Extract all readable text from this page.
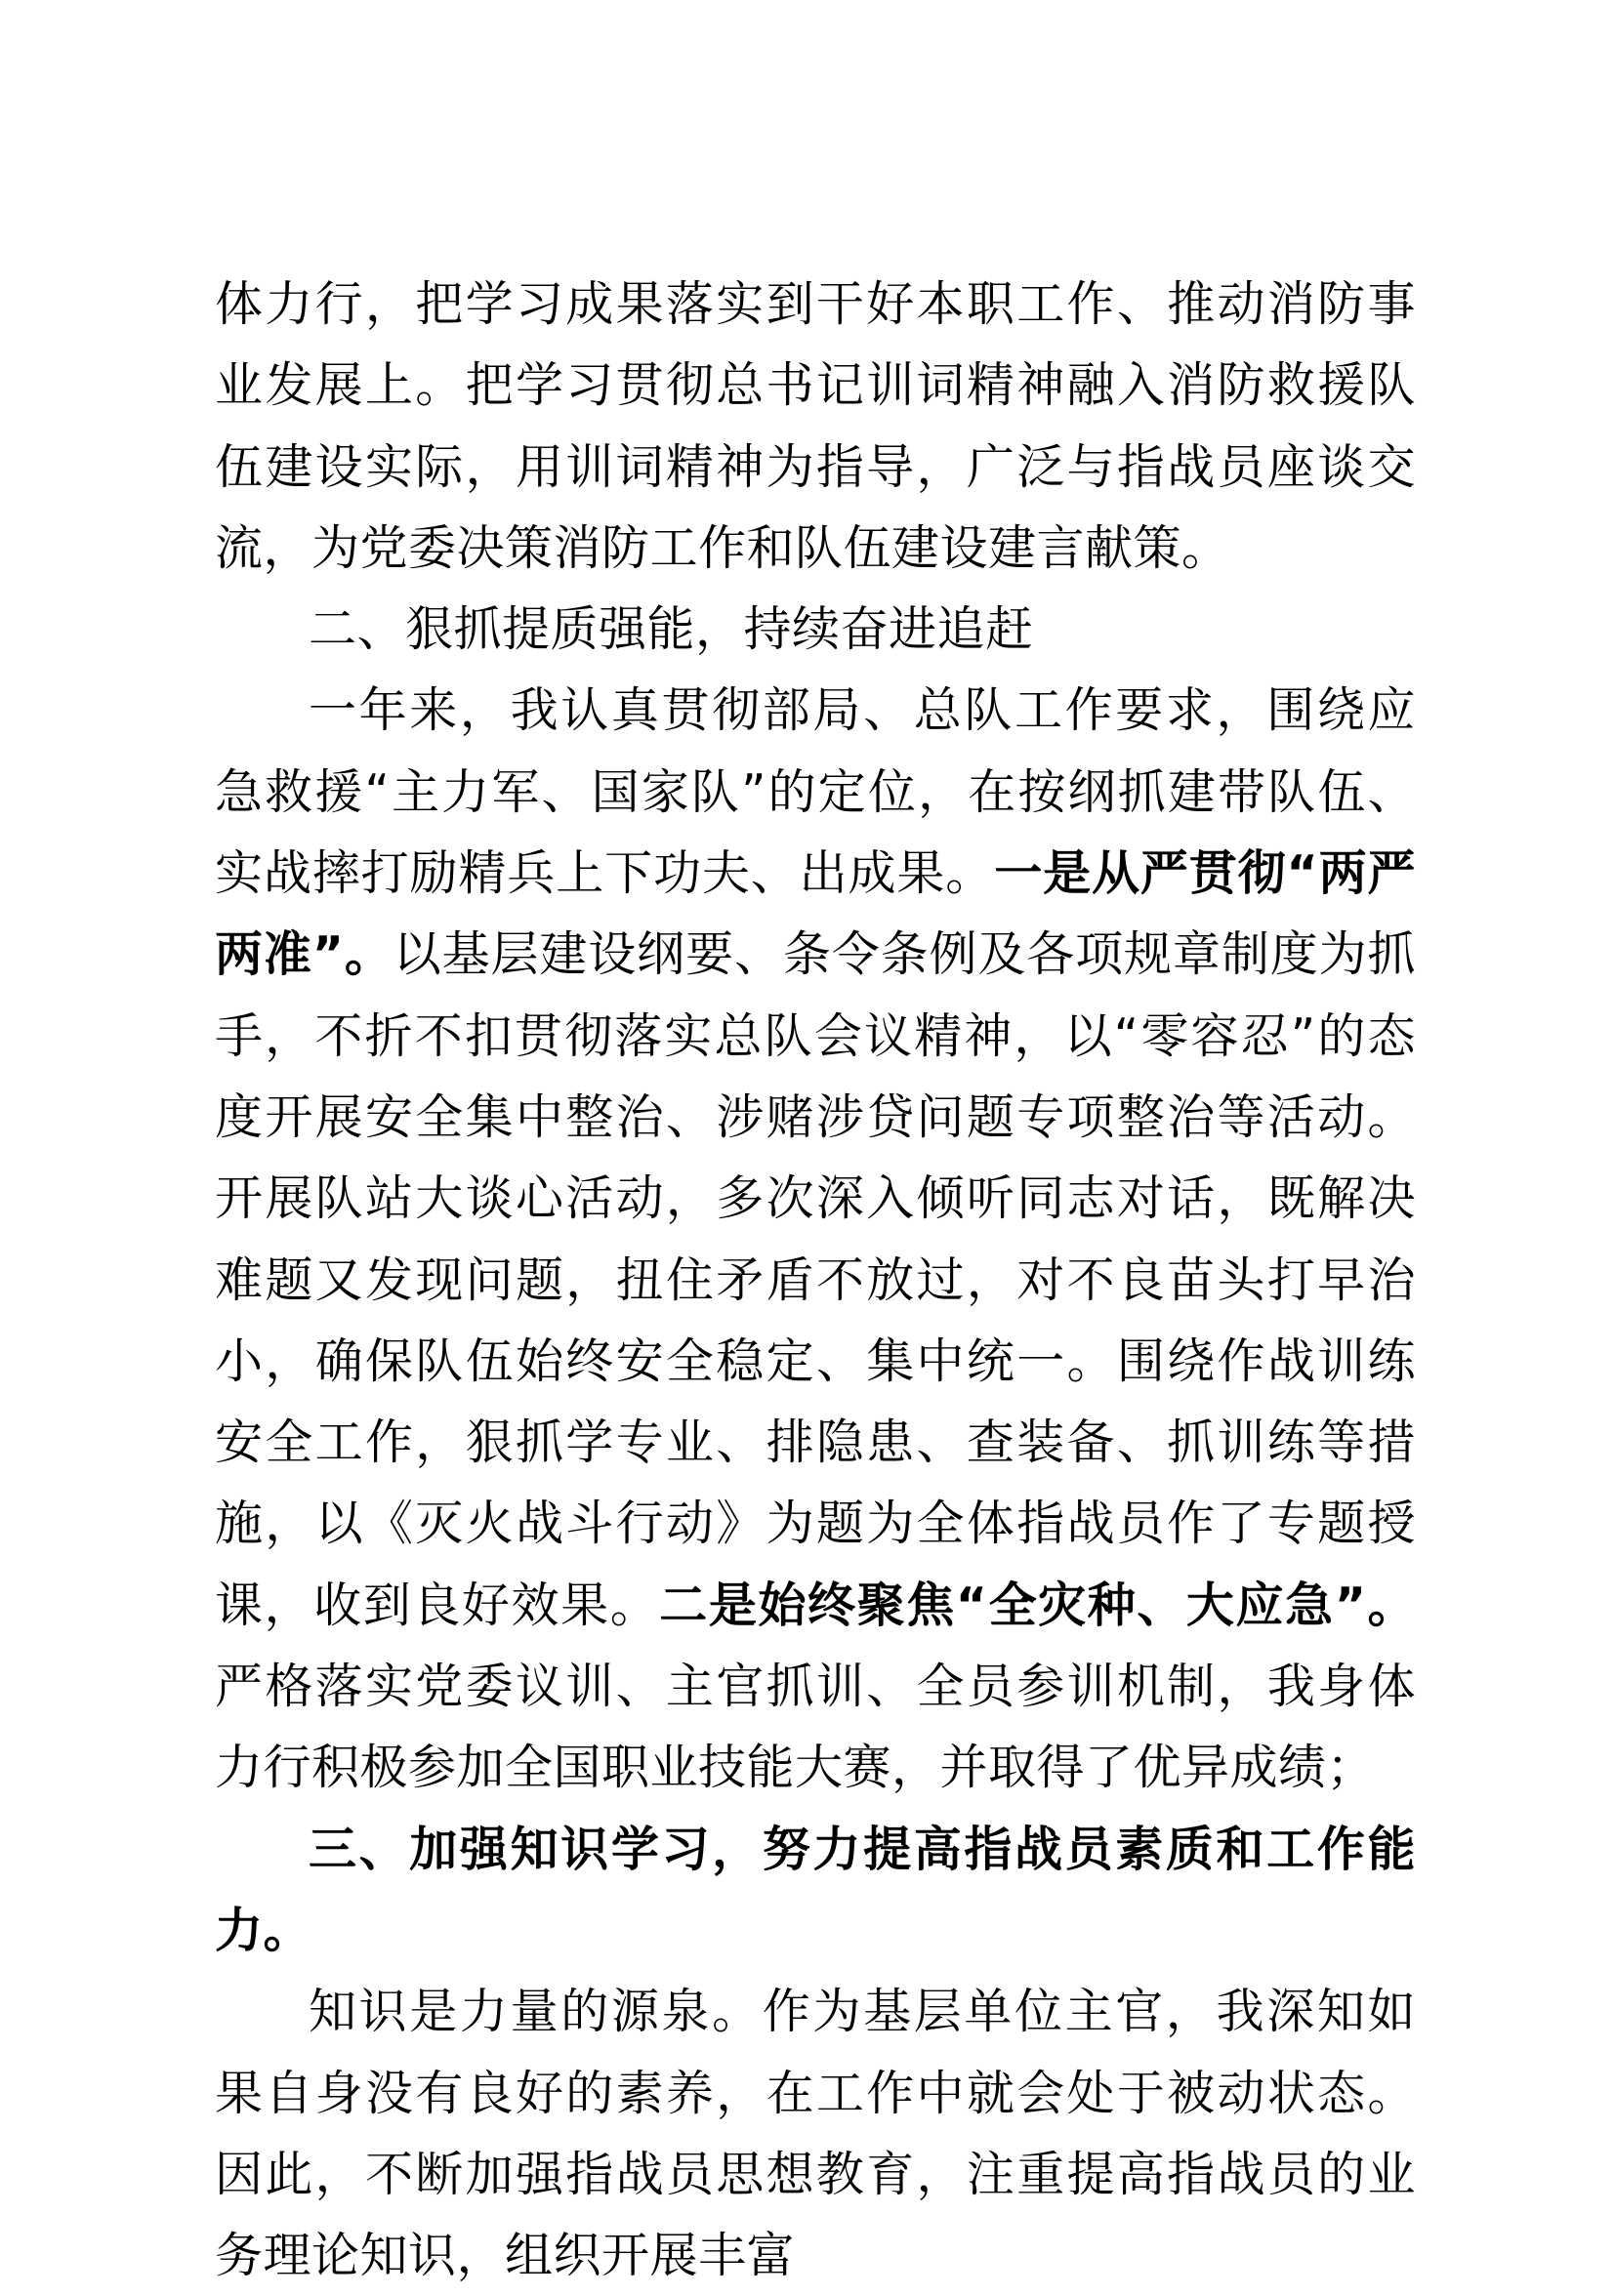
体力行，把学习成果落实到干好本职工作、推动消防事业发展上。把学习贯彻总书记训词精神融入消防救援队伍建设实际，用训词精神为指导，广泛与指战员座谈交流，为党委决策消防工作和队伍建设建言献策。

二、狠抓提质强能，持续奋进追赶

一年来，我认真贯彻部局、总队工作要求，围绕应急救援“主力军、国家队”的定位，在按纲抓建带队伍、实战摔打励精兵上下功夫、出成果。一是从严贯彻“两严两准”。以基层建设纲要、条令条例及各项规章制度为抓手，不折不扣贯彻落实总队会议精神，以“零容忍”的态度开展安全集中整治、涉赌涉贷问题专项整治等活动。开展队站大谈心活动，多次深入倾听同志对话，既解决难题又发现问题，扭住矛盾不放过，对不良苗头打早治小，确保队伍始终安全稳定、集中统一。围绕作战训练安全工作，狠抓学专业、排隐患、查装备、抓训练等措施，以《灭火战斗行动》为题为全体指战员作了专题授课，收到良好效果。二是始终聚焦“全灾种、大应急”。严格落实党委议训、主官抓训、全员参训机制，我身体力行积极参加全国职业技能大赛，并取得了优异成绩；

三、加强知识学习，努力提高指战员素质和工作能力。

知识是力量的源泉。作为基层单位主官，我深知如果自身没有良好的素养，在工作中就会处于被动状态。因此，不断加强指战员思想教育，注重提高指战员的业务理论知识，组织开展丰富
